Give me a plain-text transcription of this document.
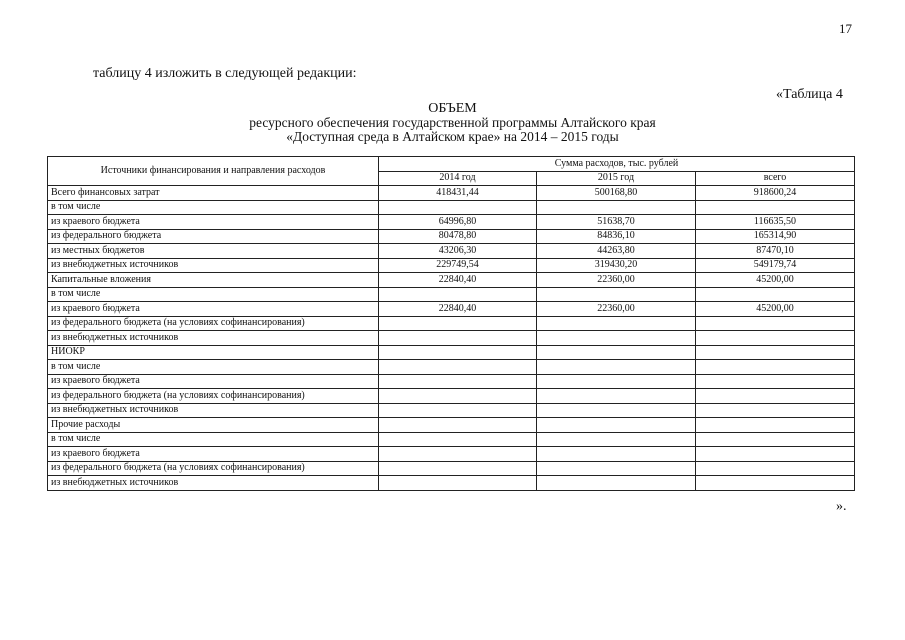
17
таблицу 4 изложить в следующей редакции:
«Таблица 4
ОБЪЕМ
ресурсного обеспечения государственной программы Алтайского края
«Доступная среда в Алтайском крае» на 2014 – 2015 годы
Источники финансирования и направления расходов	Сумма расходов, тыс. рублей		
	2014 год	2015 год	всего
Всего финансовых затрат	418431,44	500168,80	918600,24
в том числе			
из краевого бюджета	64996,80	51638,70	116635,50
из федерального бюджета	80478,80	84836,10	165314,90
из местных бюджетов	43206,30	44263,80	87470,10
из внебюджетных источников	229749,54	319430,20	549179,74
Капитальные вложения	22840,40	22360,00	45200,00
в том числе			
из краевого бюджета	22840,40	22360,00	45200,00
из федерального бюджета (на условиях софинансирования)			
из внебюджетных источников			
НИОКР			
в том числе			
из краевого бюджета			
из федерального бюджета (на условиях софинансирования)			
из внебюджетных источников			
Прочие расходы			
в том числе			
из краевого бюджета			
из федерального бюджета (на условиях софинансирования)			
из внебюджетных источников			
».
